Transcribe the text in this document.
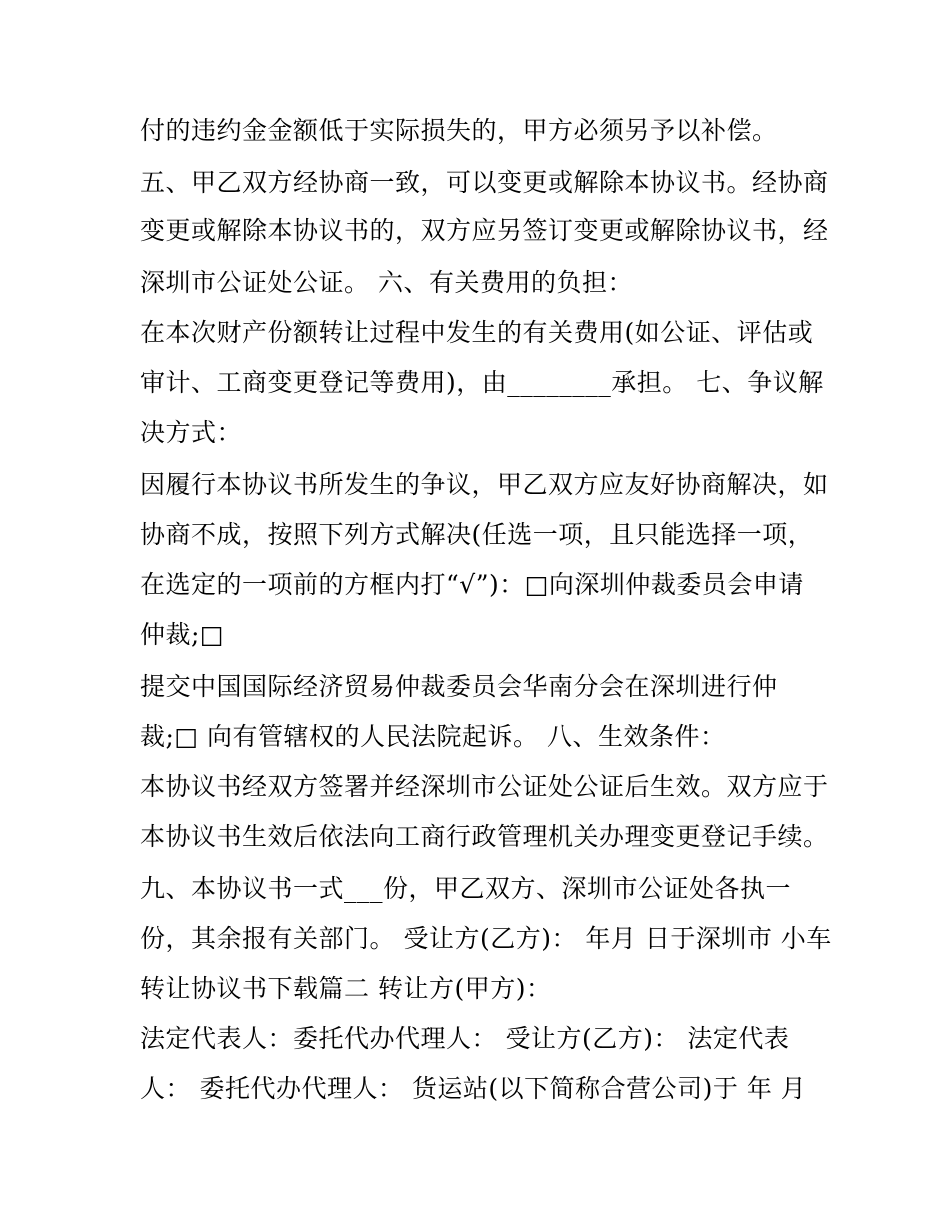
付的违约金金额低于实际损失的，甲方必须另予以补偿。
五、甲乙双方经协商一致，可以变更或解除本协议书。经协商
变更或解除本协议书的，双方应另签订变更或解除协议书，经
深圳市公证处公证。 六、有关费用的负担：
在本次财产份额转让过程中发生的有关费用(如公证、评估或
审计、工商变更登记等费用)，由________承担。 七、争议解
决方式：
因履行本协议书所发生的争议，甲乙双方应友好协商解决，如
协商不成，按照下列方式解决(任选一项，且只能选择一项，
在选定的一项前的方框内打“√”)：□向深圳仲裁委员会申请
仲裁;□
提交中国国际经济贸易仲裁委员会华南分会在深圳进行仲
裁;□ 向有管辖权的人民法院起诉。 八、生效条件：
本协议书经双方签署并经深圳市公证处公证后生效。双方应于
本协议书生效后依法向工商行政管理机关办理变更登记手续。
九、本协议书一式___份，甲乙双方、深圳市公证处各执一
份，其余报有关部门。 受让方(乙方)： 年月 日于深圳市 小车
转让协议书下载篇二 转让方(甲方)：
法定代表人：委托代办代理人： 受让方(乙方)： 法定代表
人： 委托代办代理人： 货运站(以下简称合营公司)于 年 月
